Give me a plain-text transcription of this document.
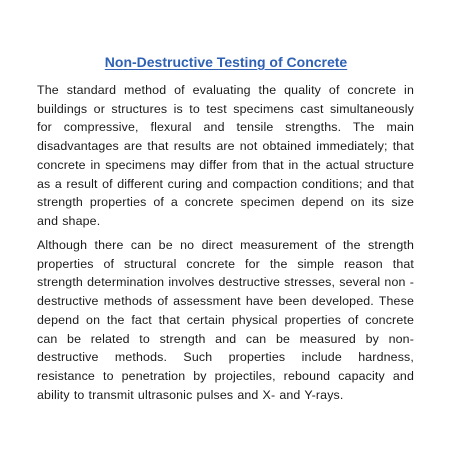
Non-Destructive Testing of Concrete

The standard method of evaluating the quality of concrete in buildings or structures is to test specimens cast simultaneously for compressive, flexural and tensile strengths. The main disadvantages are that results are not obtained immediately; that concrete in specimens may differ from that in the actual structure as a result of different curing and compaction conditions; and that strength properties of a concrete specimen depend on its size and shape.

Although there can be no direct measurement of the strength properties of structural concrete for the simple reason that strength determination involves destructive stresses, several non - destructive methods of assessment have been developed. These depend on the fact that certain physical properties of concrete can be related to strength and can be measured by non-destructive methods. Such properties include hardness, resistance to penetration by projectiles, rebound capacity and ability to transmit ultrasonic pulses and X- and Y-rays.
